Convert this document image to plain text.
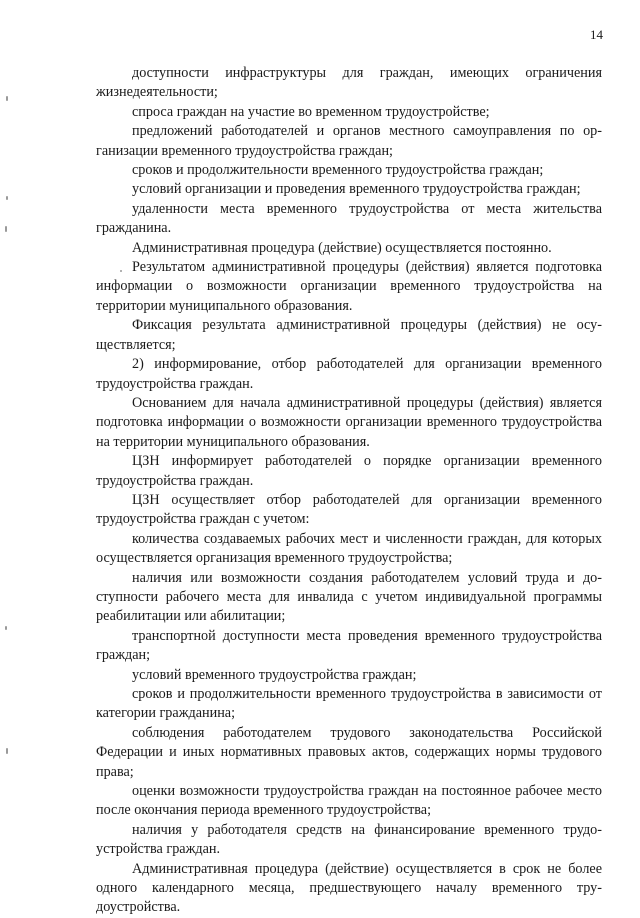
14

доступности инфраструктуры для граждан, имеющих ограничения жизнедеятельности;

спроса граждан на участие во временном трудоустройстве;

предложений работодателей и органов местного самоуправления по организации временного трудоустройства граждан;

сроков и продолжительности временного трудоустройства граждан;

условий организации и проведения временного трудоустройства граждан;

удаленности места временного трудоустройства от места жительства гражданина.

Административная процедура (действие) осуществляется постоянно.

Результатом административной процедуры (действия) является подготовка информации о возможности организации временного трудоустройства на территории муниципального образования.

Фиксация результата административной процедуры (действия) не осуществляется;

2) информирование, отбор работодателей для организации временного трудоустройства граждан.

Основанием для начала административной процедуры (действия) является подготовка информации о возможности организации временного трудоустройства на территории муниципального образования.

ЦЗН информирует работодателей о порядке организации временного трудоустройства граждан.

ЦЗН осуществляет отбор работодателей для организации временного трудоустройства граждан с учетом:

количества создаваемых рабочих мест и численности граждан, для которых осуществляется организация временного трудоустройства;

наличия или возможности создания работодателем условий труда и доступности рабочего места для инвалида с учетом индивидуальной программы реабилитации или абилитации;

транспортной доступности места проведения временного трудоустройства граждан;

условий временного трудоустройства граждан;

сроков и продолжительности временного трудоустройства в зависимости от категории гражданина;

соблюдения работодателем трудового законодательства Российской Федерации и иных нормативных правовых актов, содержащих нормы трудового права;

оценки возможности трудоустройства граждан на постоянное рабочее место после окончания периода временного трудоустройства;

наличия у работодателя средств на финансирование временного трудоустройства граждан.

Административная процедура (действие) осуществляется в срок не более одного календарного месяца, предшествующего началу временного трудоустройства.
